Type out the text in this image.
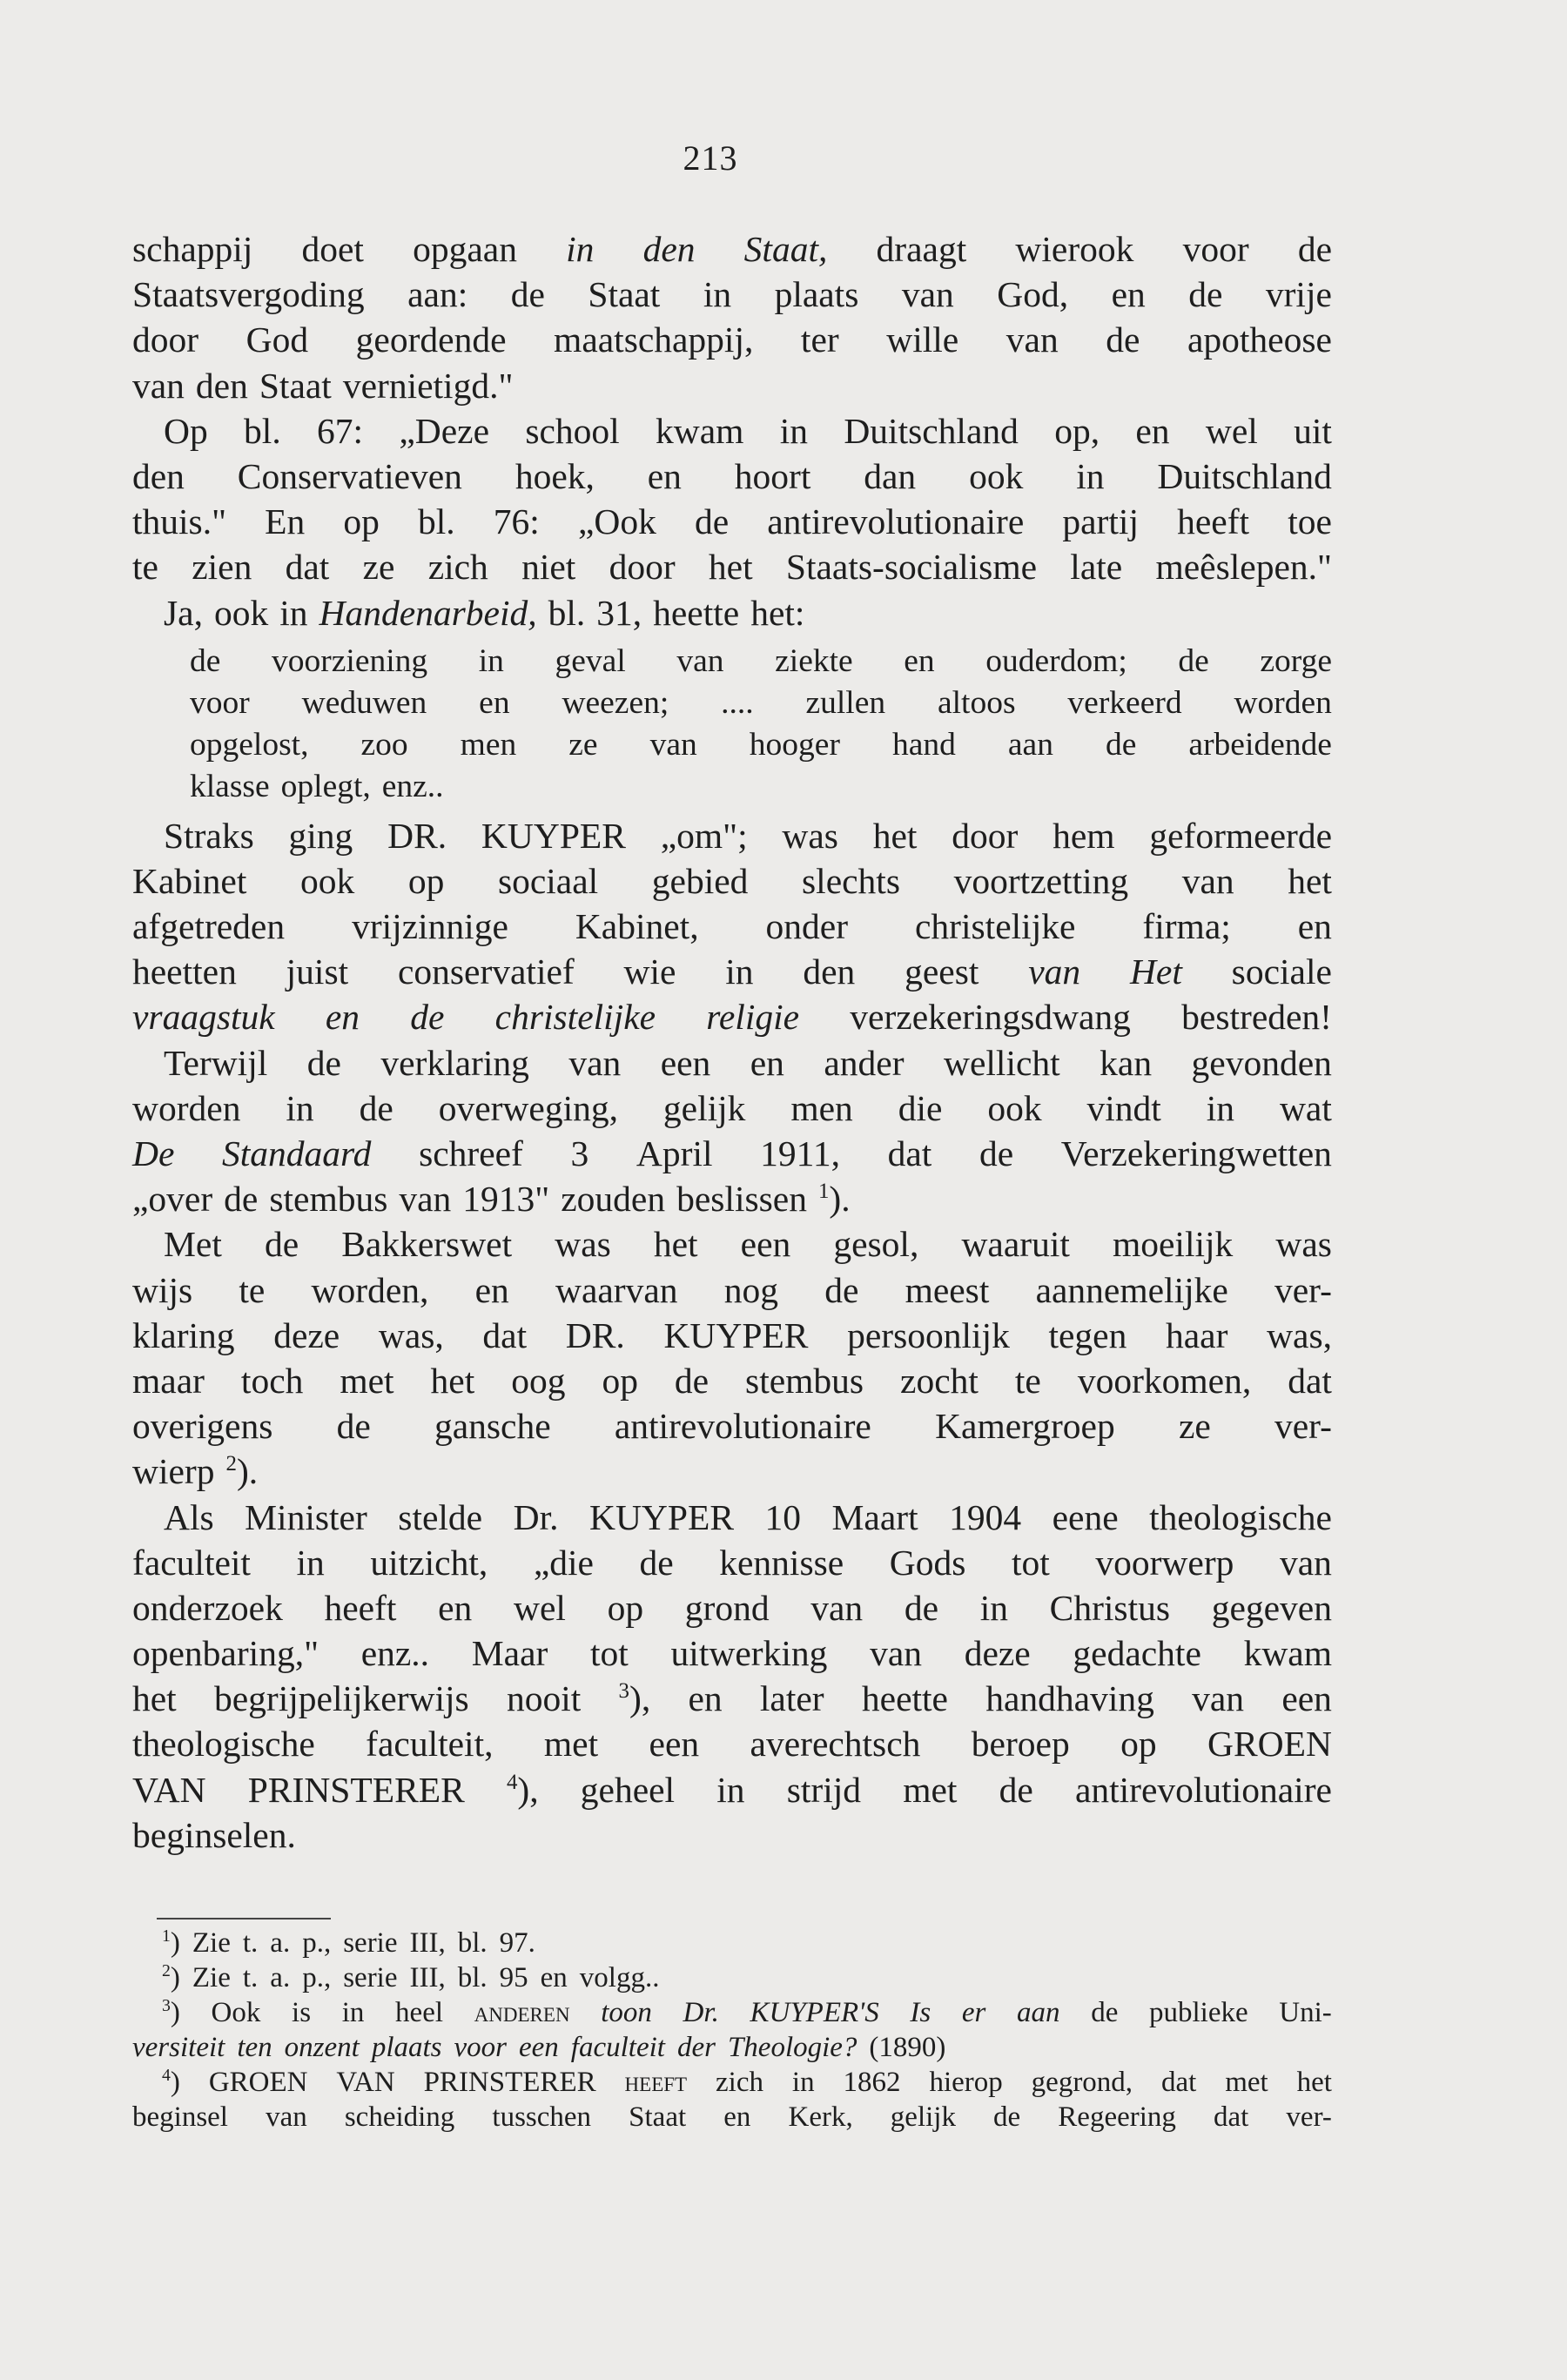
213
schappij doet opgaan in den Staat, draagt wierook voor de
Staatsvergoding aan: de Staat in plaats van God, en de vrije
door God geordende maatschappij, ter wille van de apotheose
van den Staat vernietigd."
Op bl. 67: „Deze school kwam in Duitschland op, en wel uit
den Conservatieven hoek, en hoort dan ook in Duitschland
thuis." En op bl. 76: „Ook de antirevolutionaire partij heeft toe
te zien dat ze zich niet door het Staats-socialisme late meêslepen."
Ja, ook in Handenarbeid, bl. 31, heette het:
de voorziening in geval van ziekte en ouderdom; de zorge
voor weduwen en weezen; .... zullen altoos verkeerd worden
opgelost, zoo men ze van hooger hand aan de arbeidende
klasse oplegt, enz..
Straks ging DR. KUYPER „om"; was het door hem geformeerde
Kabinet ook op sociaal gebied slechts voortzetting van het
afgetreden vrijzinnige Kabinet, onder christelijke firma; en
heetten juist conservatief wie in den geest van Het sociale
vraagstuk en de christelijke religie verzekeringsdwang bestreden!
Terwijl de verklaring van een en ander wellicht kan gevonden
worden in de overweging, gelijk men die ook vindt in wat
De Standaard schreef 3 April 1911, dat de Verzekeringwetten
„over de stembus van 1913" zouden beslissen $^1$).
Met de Bakkerswet was het een gesol, waaruit moeilijk was
wijs te worden, en waarvan nog de meest aannemelijke ver-
klaring deze was, dat DR. KUYPER persoonlijk tegen haar was,
maar toch met het oog op de stembus zocht te voorkomen, dat
overigens de gansche antirevolutionaire Kamergroep ze ver-
wierp $^2$).
Als Minister stelde Dr. KUYPER 10 Maart 1904 eene theologische
faculteit in uitzicht, „die de kennisse Gods tot voorwerp van
onderzoek heeft en wel op grond van de in Christus gegeven
openbaring," enz.. Maar tot uitwerking van deze gedachte kwam
het begrijpelijkerwijs nooit $^3$), en later heette handhaving van een
theologische faculteit, met een averechtsch beroep op GROEN
VAN PRINSTERER $^4$), geheel in strijd met de antirevolutionaire
beginselen.
$^1$) Zie t. a. p., serie III, bl. 97.
$^2$) Zie t. a. p., serie III, bl. 95 en volgg..
$^3$) Ook is in heel anderen toon Dr. KUYPER'S Is er aan de publieke Uni-
versiteit ten onzent plaats voor een faculteit der Theologie? (1890)
$^4$) GROEN VAN PRINSTERER heeft zich in 1862 hierop gegrond, dat met het
beginsel van scheiding tusschen Staat en Kerk, gelijk de Regeering dat ver-
